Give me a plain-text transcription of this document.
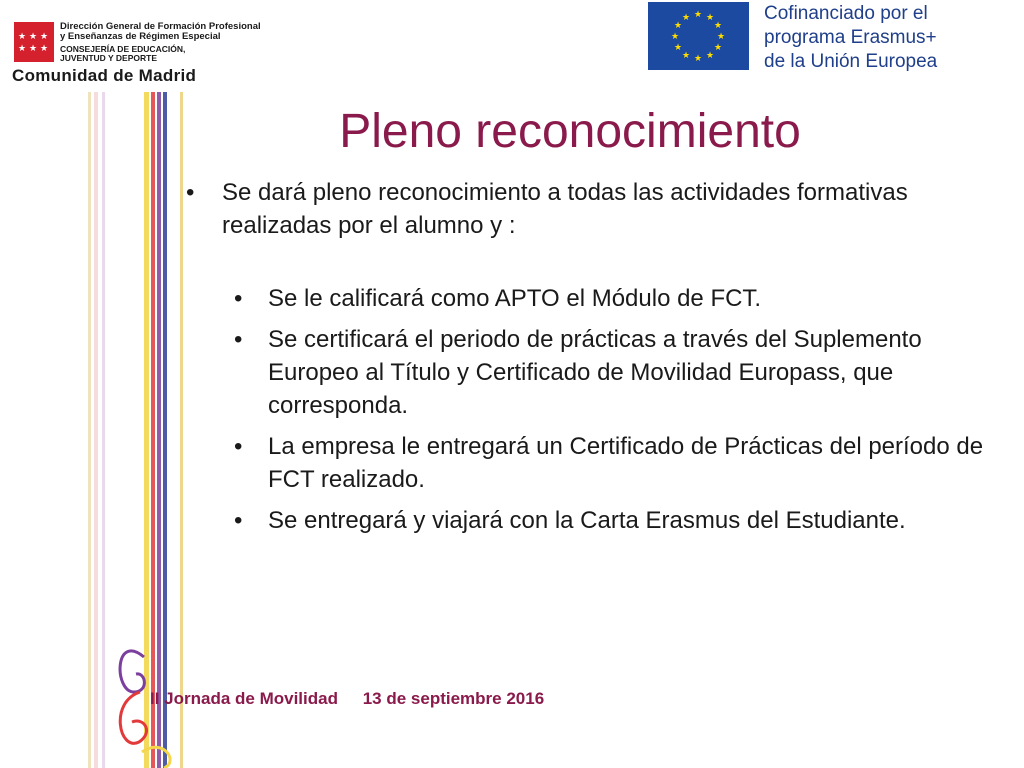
★ ★ ★
★ ★ ★
Dirección General de Formación Profesional
y Enseñanzas de Régimen Especial
CONSEJERÍA DE EDUCACIÓN,
JUVENTUD Y DEPORTE
Comunidad de Madrid
★ ★
★
★
★
★
★
★
★
★
★
★	Cofinanciado por el
programa Erasmus+
de la Unión Europea
Pleno reconocimiento
• Se dará pleno reconocimiento a todas las actividades formativas realizadas por el alumno y :
• Se le calificará como APTO el Módulo de FCT.
• Se certificará el periodo de prácticas a través del Suplemento Europeo al Título y Certificado de Movilidad Europass, que corresponda.
• La empresa le entregará un Certificado de Prácticas del período de FCT realizado.
• Se entregará y viajará con la Carta Erasmus del Estudiante.
II Jornada de Movilidad 13 de septiembre 2016
